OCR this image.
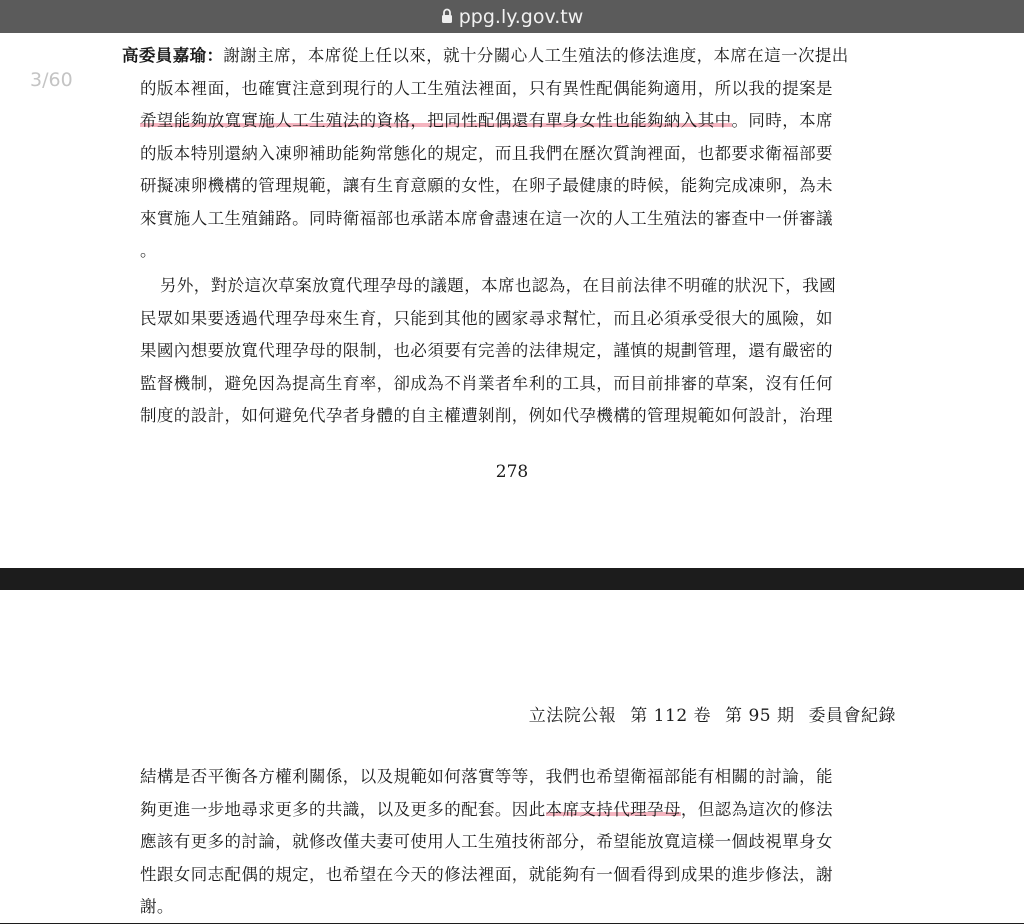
ppg.ly.gov.tw
3/60
高委員嘉瑜：謝謝主席，本席從上任以來，就十分關心人工生殖法的修法進度，本席在這一次提出
的版本裡面，也確實注意到現行的人工生殖法裡面，只有異性配偶能夠適用，所以我的提案是
希望能夠放寬實施人工生殖法的資格，把同性配偶還有單身女性也能夠納入其中。同時，本席
的版本特別還納入凍卵補助能夠常態化的規定，而且我們在歷次質詢裡面，也都要求衛福部要
研擬凍卵機構的管理規範，讓有生育意願的女性，在卵子最健康的時候，能夠完成凍卵，為未
來實施人工生殖鋪路。同時衛福部也承諾本席會盡速在這一次的人工生殖法的審查中一併審議
。
另外，對於這次草案放寬代理孕母的議題，本席也認為，在目前法律不明確的狀況下，我國
民眾如果要透過代理孕母來生育，只能到其他的國家尋求幫忙，而且必須承受很大的風險，如
果國內想要放寬代理孕母的限制，也必須要有完善的法律規定，謹慎的規劃管理，還有嚴密的
監督機制，避免因為提高生育率，卻成為不肖業者牟利的工具，而目前排審的草案，沒有任何
制度的設計，如何避免代孕者身體的自主權遭剝削，例如代孕機構的管理規範如何設計，治理
278
立法院公報 第 112 卷 第 95 期 委員會紀錄
結構是否平衡各方權利關係，以及規範如何落實等等，我們也希望衛福部能有相關的討論，能
夠更進一步地尋求更多的共識，以及更多的配套。因此本席支持代理孕母，但認為這次的修法
應該有更多的討論，就修改僅夫妻可使用人工生殖技術部分，希望能放寬這樣一個歧視單身女
性跟女同志配偶的規定，也希望在今天的修法裡面，就能夠有一個看得到成果的進步修法，謝
謝。
